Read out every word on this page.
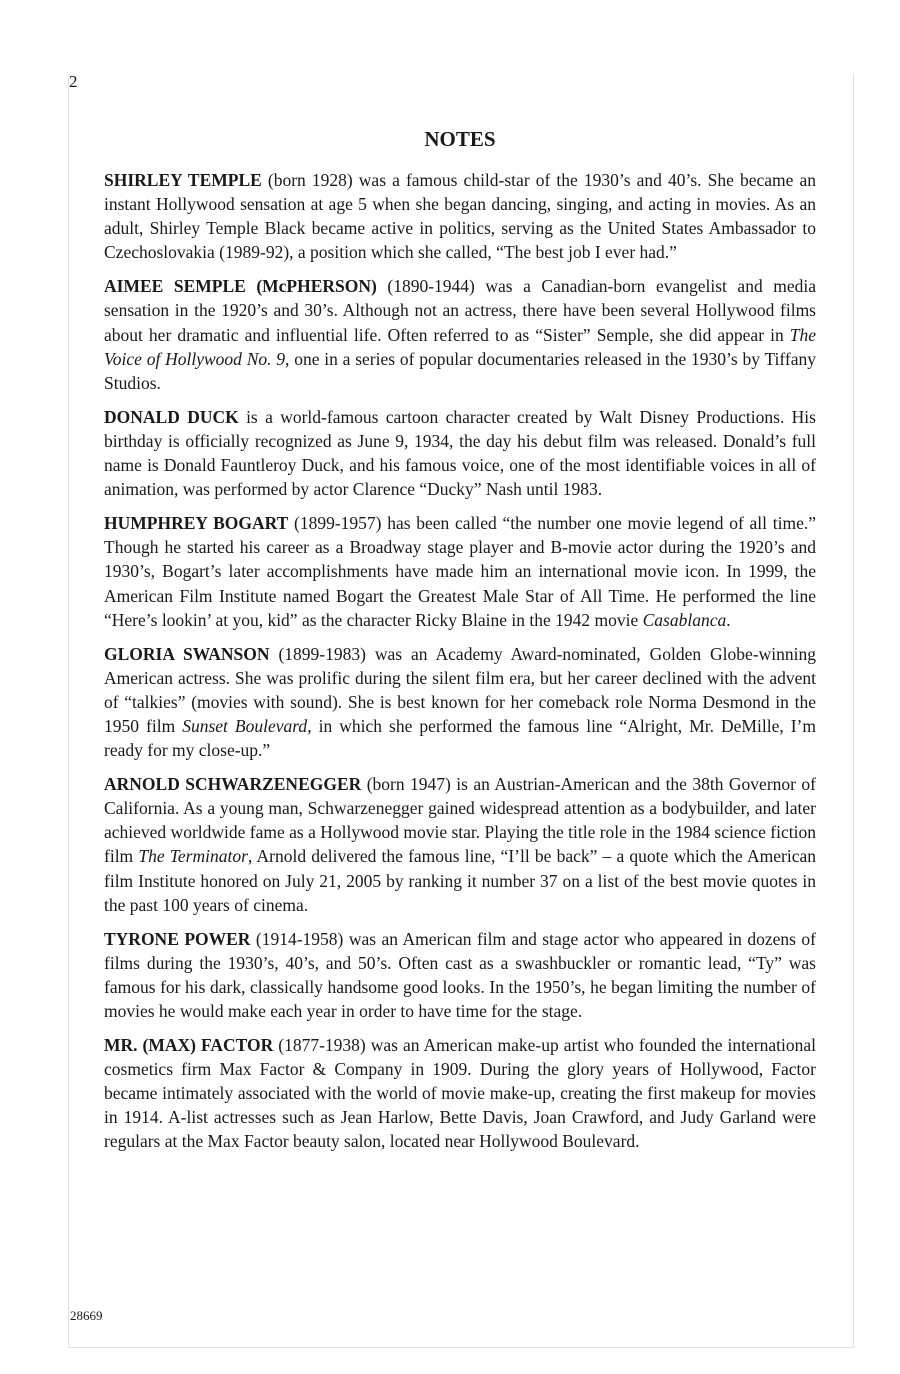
2
NOTES

SHIRLEY TEMPLE (born 1928) was a famous child-star of the 1930’s and 40’s. She became an instant Hollywood sensation at age 5 when she began dancing, singing, and acting in movies. As an adult, Shirley Temple Black became active in politics, serving as the United States Ambassador to Czechoslovakia (1989-92), a position which she called, “The best job I ever had.”

AIMEE SEMPLE (McPHERSON) (1890-1944) was a Canadian-born evangelist and media sensation in the 1920’s and 30’s. Although not an actress, there have been several Hollywood films about her dramatic and influential life. Often referred to as “Sister” Semple, she did appear in The Voice of Hollywood No. 9, one in a series of popular documentaries released in the 1930’s by Tiffany Studios.

DONALD DUCK is a world-famous cartoon character created by Walt Disney Productions. His birthday is officially recognized as June 9, 1934, the day his debut film was released. Donald’s full name is Donald Fauntleroy Duck, and his famous voice, one of the most identifiable voices in all of animation, was performed by actor Clarence “Ducky” Nash until 1983.

HUMPHREY BOGART (1899-1957) has been called “the number one movie legend of all time.” Though he started his career as a Broadway stage player and B-movie actor during the 1920’s and 1930’s, Bogart’s later accomplishments have made him an international movie icon. In 1999, the American Film Institute named Bogart the Greatest Male Star of All Time. He performed the line “Here’s lookin’ at you, kid” as the character Ricky Blaine in the 1942 movie Casablanca.

GLORIA SWANSON (1899-1983) was an Academy Award-nominated, Golden Globe-winning American actress. She was prolific during the silent film era, but her career declined with the advent of “talkies” (movies with sound). She is best known for her comeback role Norma Desmond in the 1950 film Sunset Boulevard, in which she performed the famous line “Alright, Mr. DeMille, I’m ready for my close-up.”

ARNOLD SCHWARZENEGGER (born 1947) is an Austrian-American and the 38th Governor of California. As a young man, Schwarzenegger gained widespread attention as a bodybuilder, and later achieved worldwide fame as a Hollywood movie star. Playing the title role in the 1984 science fiction film The Terminator, Arnold delivered the famous line, “I’ll be back” – a quote which the American film Institute honored on July 21, 2005 by ranking it number 37 on a list of the best movie quotes in the past 100 years of cinema.

TYRONE POWER (1914-1958) was an American film and stage actor who appeared in dozens of films during the 1930’s, 40’s, and 50’s. Often cast as a swashbuckler or romantic lead, “Ty” was famous for his dark, classically handsome good looks. In the 1950’s, he began limiting the number of movies he would make each year in order to have time for the stage.

MR. (MAX) FACTOR (1877-1938) was an American make-up artist who founded the international cosmetics firm Max Factor & Company in 1909. During the glory years of Hollywood, Factor became intimately associated with the world of movie make-up, creating the first makeup for movies in 1914. A-list actresses such as Jean Harlow, Bette Davis, Joan Crawford, and Judy Garland were regulars at the Max Factor beauty salon, located near Hollywood Boulevard.

28669
